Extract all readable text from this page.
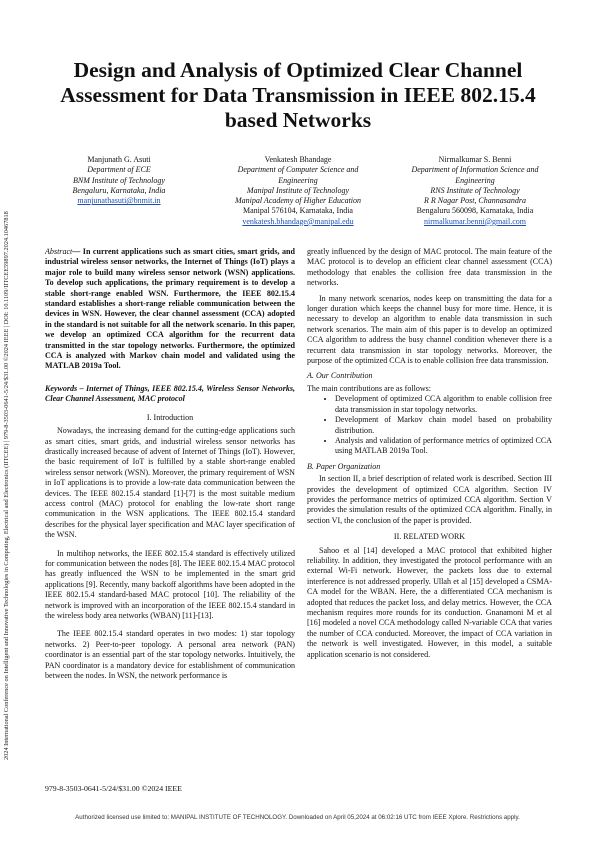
2024 International Conference on Intelligent and Innovative Technologies in Computing, Electrical and Electronics (IITCEE) | 979-8-3503-0641-5/24/$31.00 ©2024 IEEE | DOI: 10.1109/IITCEE59897.2024.10467818
Design and Analysis of Optimized Clear Channel Assessment for Data Transmission in IEEE 802.15.4 based Networks
Manjunath G. Asuti
Department of ECE
BNM Institute of Technology
Bengaluru, Karnataka, India
manjunathasuti@bnmit.in
Venkatesh Bhandage
Department of Computer Science and
Engineering
Manipal Institute of Technology
Manipal Academy of Higher Education
Manipal 576104, Karnataka, India
venkatesh.bhandage@manipal.edu
Nirmalkumar S. Benni
Department of Information Science and
Engineering
RNS Institute of Technology
R R Nagar Post, Channasandra
Bengaluru 560098, Karnataka, India
nirmalkumar.benni@gmail.com

Abstract— In current applications such as smart cities, smart grids, and industrial wireless sensor networks, the Internet of Things (IoT) plays a major role to build many wireless sensor network (WSN) applications. To develop such applications, the primary requirement is to develop a stable short-range enabled WSN. Furthermore, the IEEE 802.15.4 standard establishes a short-range reliable communication between the devices in WSN. However, the clear channel assessment (CCA) adopted in the standard is not suitable for all the network scenario. In this paper, we develop an optimized CCA algorithm for the recurrent data transmitted in the star topology networks. Furthermore, the optimized CCA is analyzed with Markov chain model and validated using the MATLAB 2019a Tool.

Keywords – Internet of Things, IEEE 802.15.4, Wireless Sensor Networks, Clear Channel Assessment, MAC protocol

I. Introduction

Nowadays, the increasing demand for the cutting-edge applications such as smart cities, smart grids, and industrial wireless sensor networks has drastically increased because of advent of Internet of Things (IoT). However, the basic requirement of IoT is fulfilled by a stable short-range enabled wireless sensor network (WSN). Moreover, the primary requirement of WSN in IoT applications is to provide a low-rate data communication between the devices. The IEEE 802.15.4 standard [1]-[7] is the most suitable medium access control (MAC) protocol for enabling the low-rate short range communication in the WSN applications. The IEEE 802.15.4 standard describes for the physical layer specification and MAC layer specification of the WSN.

In multihop networks, the IEEE 802.15.4 standard is effectively utilized for communication between the nodes [8]. The IEEE 802.15.4 MAC protocol has greatly influenced the WSN to be implemented in the smart grid applications [9]. Recently, many backoff algorithms have been adopted in the IEEE 802.15.4 standard-based MAC protocol [10]. The reliability of the network is improved with an incorporation of the IEEE 802.15.4 standard in the wireless body area networks (WBAN) [11]-[13].

The IEEE 802.15.4 standard operates in two modes: 1) star topology networks. 2) Peer-to-peer topology. A personal area network (PAN) coordinator is an essential part of the star topology networks. Intuitively, the PAN coordinator is a mandatory device for establishment of communication between the nodes. In WSN, the network performance is

greatly influenced by the design of MAC protocol. The main feature of the MAC protocol is to develop an efficient clear channel assessment (CCA) methodology that enables the collision free data transmission in the networks.

In many network scenarios, nodes keep on transmitting the data for a longer duration which keeps the channel busy for more time. Hence, it is necessary to develop an algorithm to enable data transmission in such network scenarios. The main aim of this paper is to develop an optimized CCA algorithm to address the busy channel condition whenever there is a recurrent data transmission in star topology networks. Moreover, the purpose of the optimized CCA is to enable collision free data transmission.

A. Our Contribution

The main contributions are as follows:

• Development of optimized CCA algorithm to enable collision free data transmission in star topology networks.
• Development of Markov chain model based on probability distribution.
• Analysis and validation of performance metrics of optimized CCA using MATLAB 2019a Tool.

B. Paper Organization

In section II, a brief description of related work is described. Section III provides the development of optimized CCA algorithm. Section IV provides the performance metrics of optimized CCA algorithm. Section V provides the simulation results of the optimized CCA algorithm. Finally, in section VI, the conclusion of the paper is provided.

II. RELATED WORK

Sahoo et al [14] developed a MAC protocol that exhibited higher reliability. In addition, they investigated the protocol performance with an external Wi-Fi network. However, the packets loss due to external interference is not addressed properly. Ullah et al [15] developed a CSMA-CA model for the WBAN. Here, the a differentiated CCA mechanism is adopted that reduces the packet loss, and delay metrics. However, the CCA mechanism requires more rounds for its conduction. Gnanamoni M et al [16] modeled a novel CCA methodology called N-variable CCA that varies the number of CCA conducted. Moreover, the impact of CCA variation in the network is well investigated. However, in this model, a suitable application scenario is not considered.

979-8-3503-0641-5/24/$31.00 ©2024 IEEE
Authorized licensed use limited to: MANIPAL INSTITUTE OF TECHNOLOGY. Downloaded on April 05,2024 at 06:02:16 UTC from IEEE Xplore. Restrictions apply.
